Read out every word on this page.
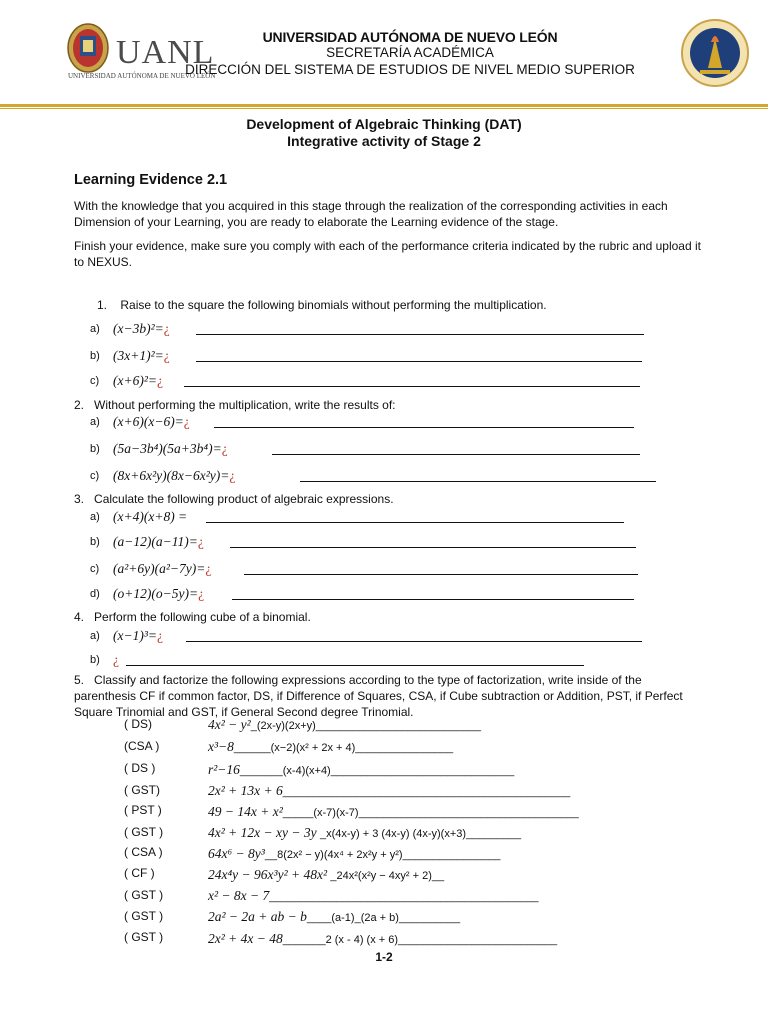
UANL
UNIVERSIDAD AUTÓNOMA DE NUEVO LEÓN
UNIVERSIDAD AUTÓNOMA DE NUEVO LEÓN
SECRETARÍA ACADÉMICA
DIRECCIÓN DEL SISTEMA DE ESTUDIOS DE NIVEL MEDIO SUPERIOR
Development of Algebraic Thinking (DAT)
Integrative activity of Stage 2
Learning Evidence 2.1
With the knowledge that you acquired in this stage through the realization of the corresponding activities in each Dimension of your Learning, you are ready to elaborate the Learning evidence of the stage.
Finish your evidence, make sure you comply with each of the performance criteria indicated by the rubric and upload it to NEXUS.
1. Raise to the square the following binomials without performing the multiplication.
a) (x−3b)²=¿
b) (3x+1)²=¿
c) (x+6)²=¿
2. Without performing the multiplication, write the results of:
a) (x+6)(x−6)=¿
b) (5a−3b⁴)(5a+3b⁴)=¿
c) (8x+6x²y)(8x−6x²y)=¿
3. Calculate the following product of algebraic expressions.
a) (x+4)(x+8) =
b) (a−12)(a−11)=¿
c) (a²+6y)(a²−7y)=¿
d) (o+12)(o−5y)=¿
4. Perform the following cube of a binomial.
a) (x−1)³=¿
b) ¿
5. Classify and factorize the following expressions according to the type of factorization, write inside of the parenthesis CF if common factor, DS, if Difference of Squares, CSA, if Cube subtraction or Addition, PST, if Perfect Square Trinomial and GST, if General Second degree Trinomial.
( DS)	4x² − y²_(2x-y)(2x+y)___________________________
(CSA )	x³−8______(x−2)(x² + 2x + 4)________________
( DS )	r²−16_______(x-4)(x+4)______________________________
( GST)	2x² + 13x + 6_______________________________________________
( PST )	49 − 14x + x²_____(x-7)(x-7)____________________________________
( GST )	4x² + 12x − xy − 3y _x(4x-y) + 3 (4x-y) (4x-y)(x+3)_________
( CSA )	64x⁶ − 8y³__8(2x² − y)(4x⁴ + 2x²y + y²)________________
( CF )	24x⁴y − 96x³y² + 48x² _24x²(x²y − 4xy² + 2)__
( GST )	x² − 8x − 7____________________________________________
( GST )	2a² − 2a + ab − b____(a-1)_(2a + b)__________
( GST )	2x² + 4x − 48_______2 (x - 4) (x + 6)__________________________
1-2
